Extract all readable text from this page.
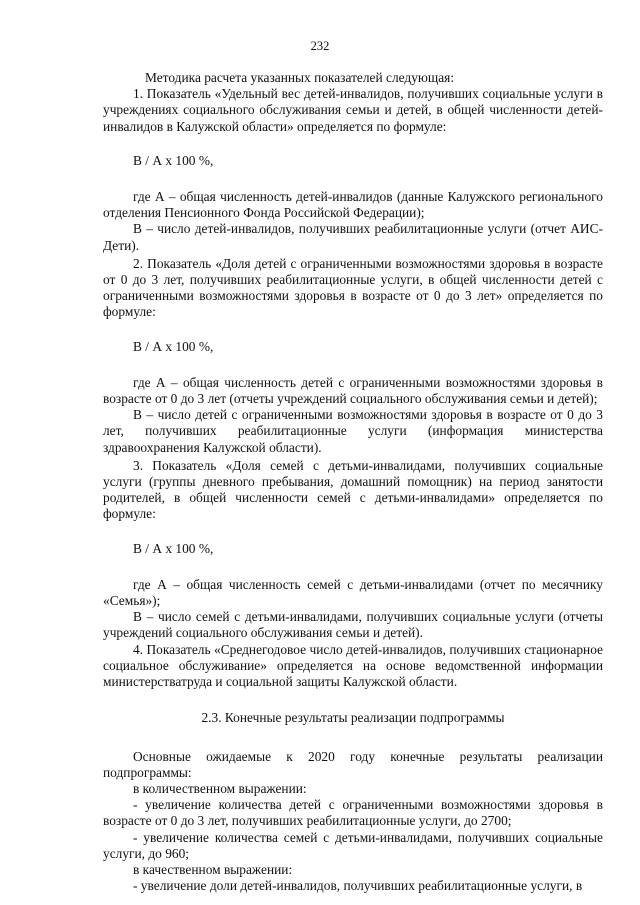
232

Методика расчета указанных показателей следующая:

1. Показатель «Удельный вес детей-инвалидов, получивших социальные услуги в учреждениях социального обслуживания семьи и детей, в общей численности детей-инвалидов в Калужской области» определяется по формуле:

В / А x 100 %,

где А – общая численность детей-инвалидов (данные Калужского регионального отделения Пенсионного Фонда Российской Федерации);

В – число детей-инвалидов, получивших реабилитационные услуги (отчет АИС-Дети).

2. Показатель «Доля детей с ограниченными возможностями здоровья в возрасте от 0 до 3 лет, получивших реабилитационные услуги, в общей численности детей с ограниченными возможностями здоровья в возрасте от 0 до 3 лет» определяется по формуле:

В / А x 100 %,

где А – общая численность детей с ограниченными возможностями здоровья в возрасте от 0 до 3 лет (отчеты учреждений социального обслуживания семьи и детей);

В – число детей с ограниченными возможностями здоровья в возрасте от 0 до 3 лет, получивших реабилитационные услуги (информация министерства здравоохранения Калужской области).

3. Показатель «Доля семей с детьми-инвалидами, получивших социальные услуги (группы дневного пребывания, домашний помощник) на период занятости родителей, в общей численности семей с детьми-инвалидами» определяется по формуле:

В / А x 100 %,

где А – общая численность семей с детьми-инвалидами (отчет по месячнику «Семья»);

В – число семей с детьми-инвалидами, получивших социальные услуги (отчеты учреждений социального обслуживания семьи и детей).

4. Показатель «Среднегодовое число детей-инвалидов, получивших стационарное социальное обслуживание» определяется на основе ведомственной информации министерстватруда и социальной защиты Калужской области.

2.3. Конечные результаты реализации подпрограммы

Основные ожидаемые к 2020 году конечные результаты реализации подпрограммы:

в количественном выражении:

- увеличение количества детей с ограниченными возможностями здоровья в возрасте от 0 до 3 лет, получивших реабилитационные услуги, до 2700;

- увеличение количества семей с детьми-инвалидами, получивших социальные услуги, до 960;

в качественном выражении:

- увеличение доли детей-инвалидов, получивших реабилитационные услуги, в
